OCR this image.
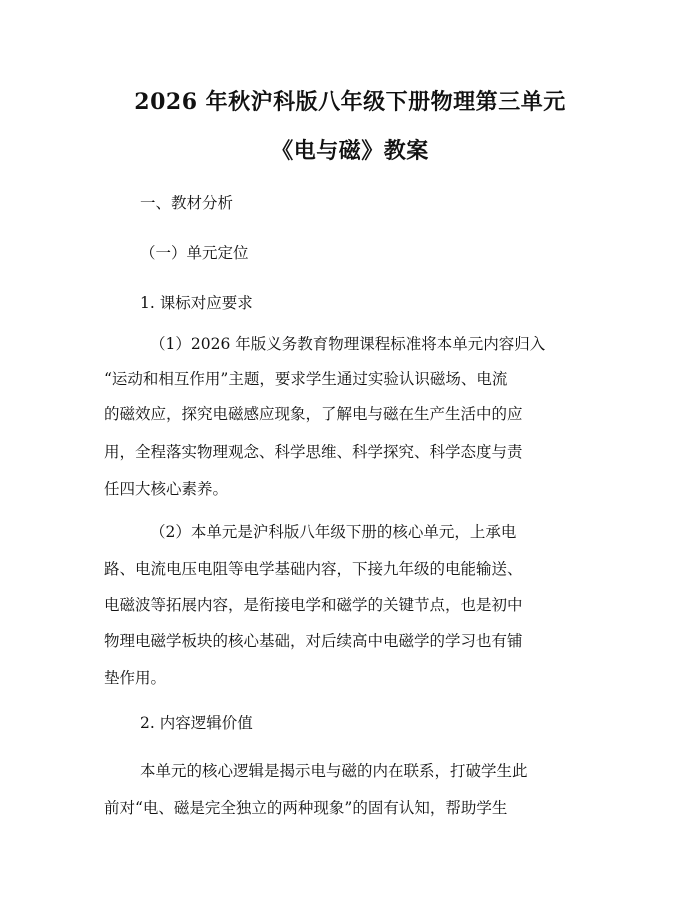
2026 年秋沪科版八年级下册物理第三单元
《电与磁》教案

一、教材分析

（一）单元定位

1. 课标对应要求

（1）2026 年版义务教育物理课程标准将本单元内容归入

“运动和相互作用”主题，要求学生通过实验认识磁场、电流

的磁效应，探究电磁感应现象，了解电与磁在生产生活中的应

用，全程落实物理观念、科学思维、科学探究、科学态度与责

任四大核心素养。

（2）本单元是沪科版八年级下册的核心单元，上承电

路、电流电压电阻等电学基础内容，下接九年级的电能输送、

电磁波等拓展内容，是衔接电学和磁学的关键节点，也是初中

物理电磁学板块的核心基础，对后续高中电磁学的学习也有铺

垫作用。

2. 内容逻辑价值

本单元的核心逻辑是揭示电与磁的内在联系，打破学生此

前对“电、磁是完全独立的两种现象”的固有认知，帮助学生
